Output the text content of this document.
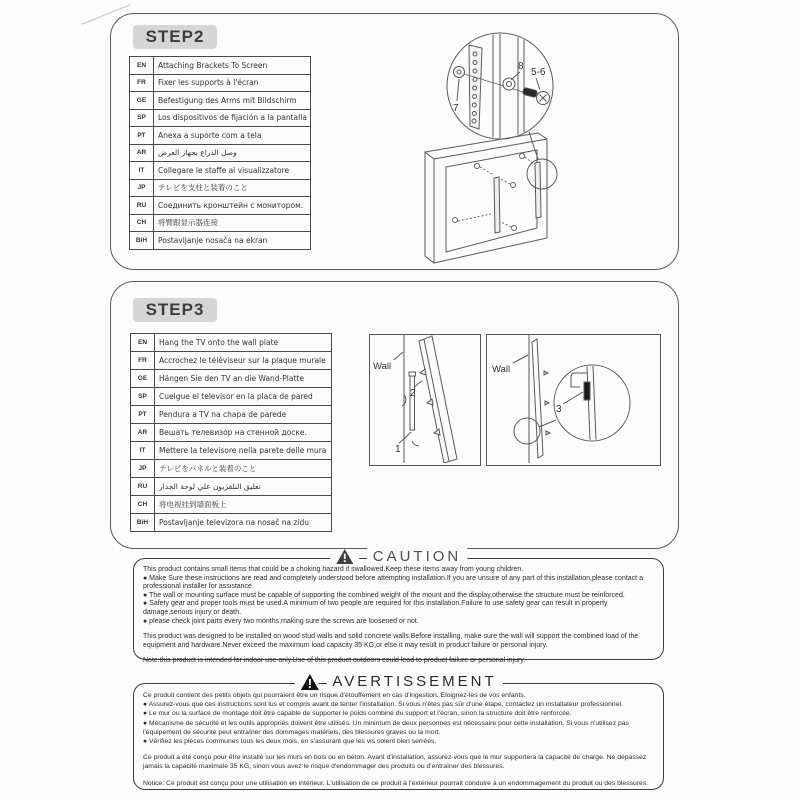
STEP2
EN	Attaching Brackets To Screen
FR	Fixer les supports à l'écran
GE	Befestigung des Arms mit Bildschirm
SP	Los dispositivos de fijación a la pantalla
PT	Anexa a suporte com a tela
AR	وصل الذراع بجهاز العرض
IT	Collegare le staffe al visualizzatore
JP	テレビを支柱と装着のこと
RU	Соединить кронштейн с монитором.
CH	将臂跟显示器连接
BiH	Postavljanje nosača na ekran
7
8
5-6
STEP3
EN	Hang the TV onto the wall plate
FR	Accrochez le téléviseur sur la plaque murale
GE	Hängen Sie den TV an die Wand-Platte
SP	Cuelgue el televisor en la placa de pared
PT	Pendura a TV na chapa de parede
AR	Вешать телевизор на стенной доске.
IT	Mettere la televisore nella parete delle mura
JP	テレビをパネルと装着のこと
RU	تعليق التلفزيون علي لوحة الجدار
CH	将电视挂到墙面板上
BiH	Postavljanje televizora na nosač na zidu
Wall
1
2
Wall
3
CAUTION

This product contains small items that could be a choking hazard if swallowed.Keep these items away from young children.

● Make Sure these instructions are read and completely understood before attempting installation.If you are unsure of any part of this installation,please contact a professional installer for assistance.

● The wall or mounting surface must be capable of supporting the combined weight of the mount and the display,otherwise the structure must be reinforced.

● Safety gear and proper tools must be used.A minimum of two people are required for this installation.Failure to use safety gear can result in property damage,serious injury or death.

● please check joint parts every two months,making sure the screws are loosened or not.

This product was designed to be installed on wood stud walls and solid concrete walls.Before installing, make sure the wall will support the combined load of the equipment and hardware.Never exceed the maximum load capacity 35 KG,or else it may result in product failure or personal injury.

Note:this product is intended for indoor use only.Use of this product outdoors could lead to product failure or personal injury.

AVERTISSEMENT

Ce produit contient des petits objets qui pourraient être un risque d'étouffement en cas d'ingestion. Eloignez-les de vos enfants.

● Assurez-vous que ces instructions sont lus et compris avant de tenter l'installation. Si vous n'êtes pas sûr d'une étape, contactez un installateur professionnel.

● Le mur ou la surface de montage doit être capable de supporter le poids combiné du support et l'écran, sinon la structure doit être renforcée.

● Mécanisme de sécurité et les outils appropriés doivent être utilisés. Un minimum de deux personnes est nécessaire pour cette installation. Si vous n'utilisez pas l'équipement de sécurité peut entraîner des dommages matériels, des blessures graves ou la mort.

● Vérifiez les pièces communes tous les deux mois, en s'assurant que les vis soient bien serrées.

Ce produit a été conçu pour être installé sur les murs en bois ou en béton. Avant d'installation, assurez-vous que le mur supportera la capacité de charge. Ne dépassez jamais la capacité maximale 35 KG, sinon vous avez le risque d'endommager des produits ou d'entraîner des blessures.

Notice: Ce produit est conçu pour une utilisation en intérieur. L'utilisation de ce produit à l'extérieur pourrait conduire à un endommagement du produit ou des blessures.
